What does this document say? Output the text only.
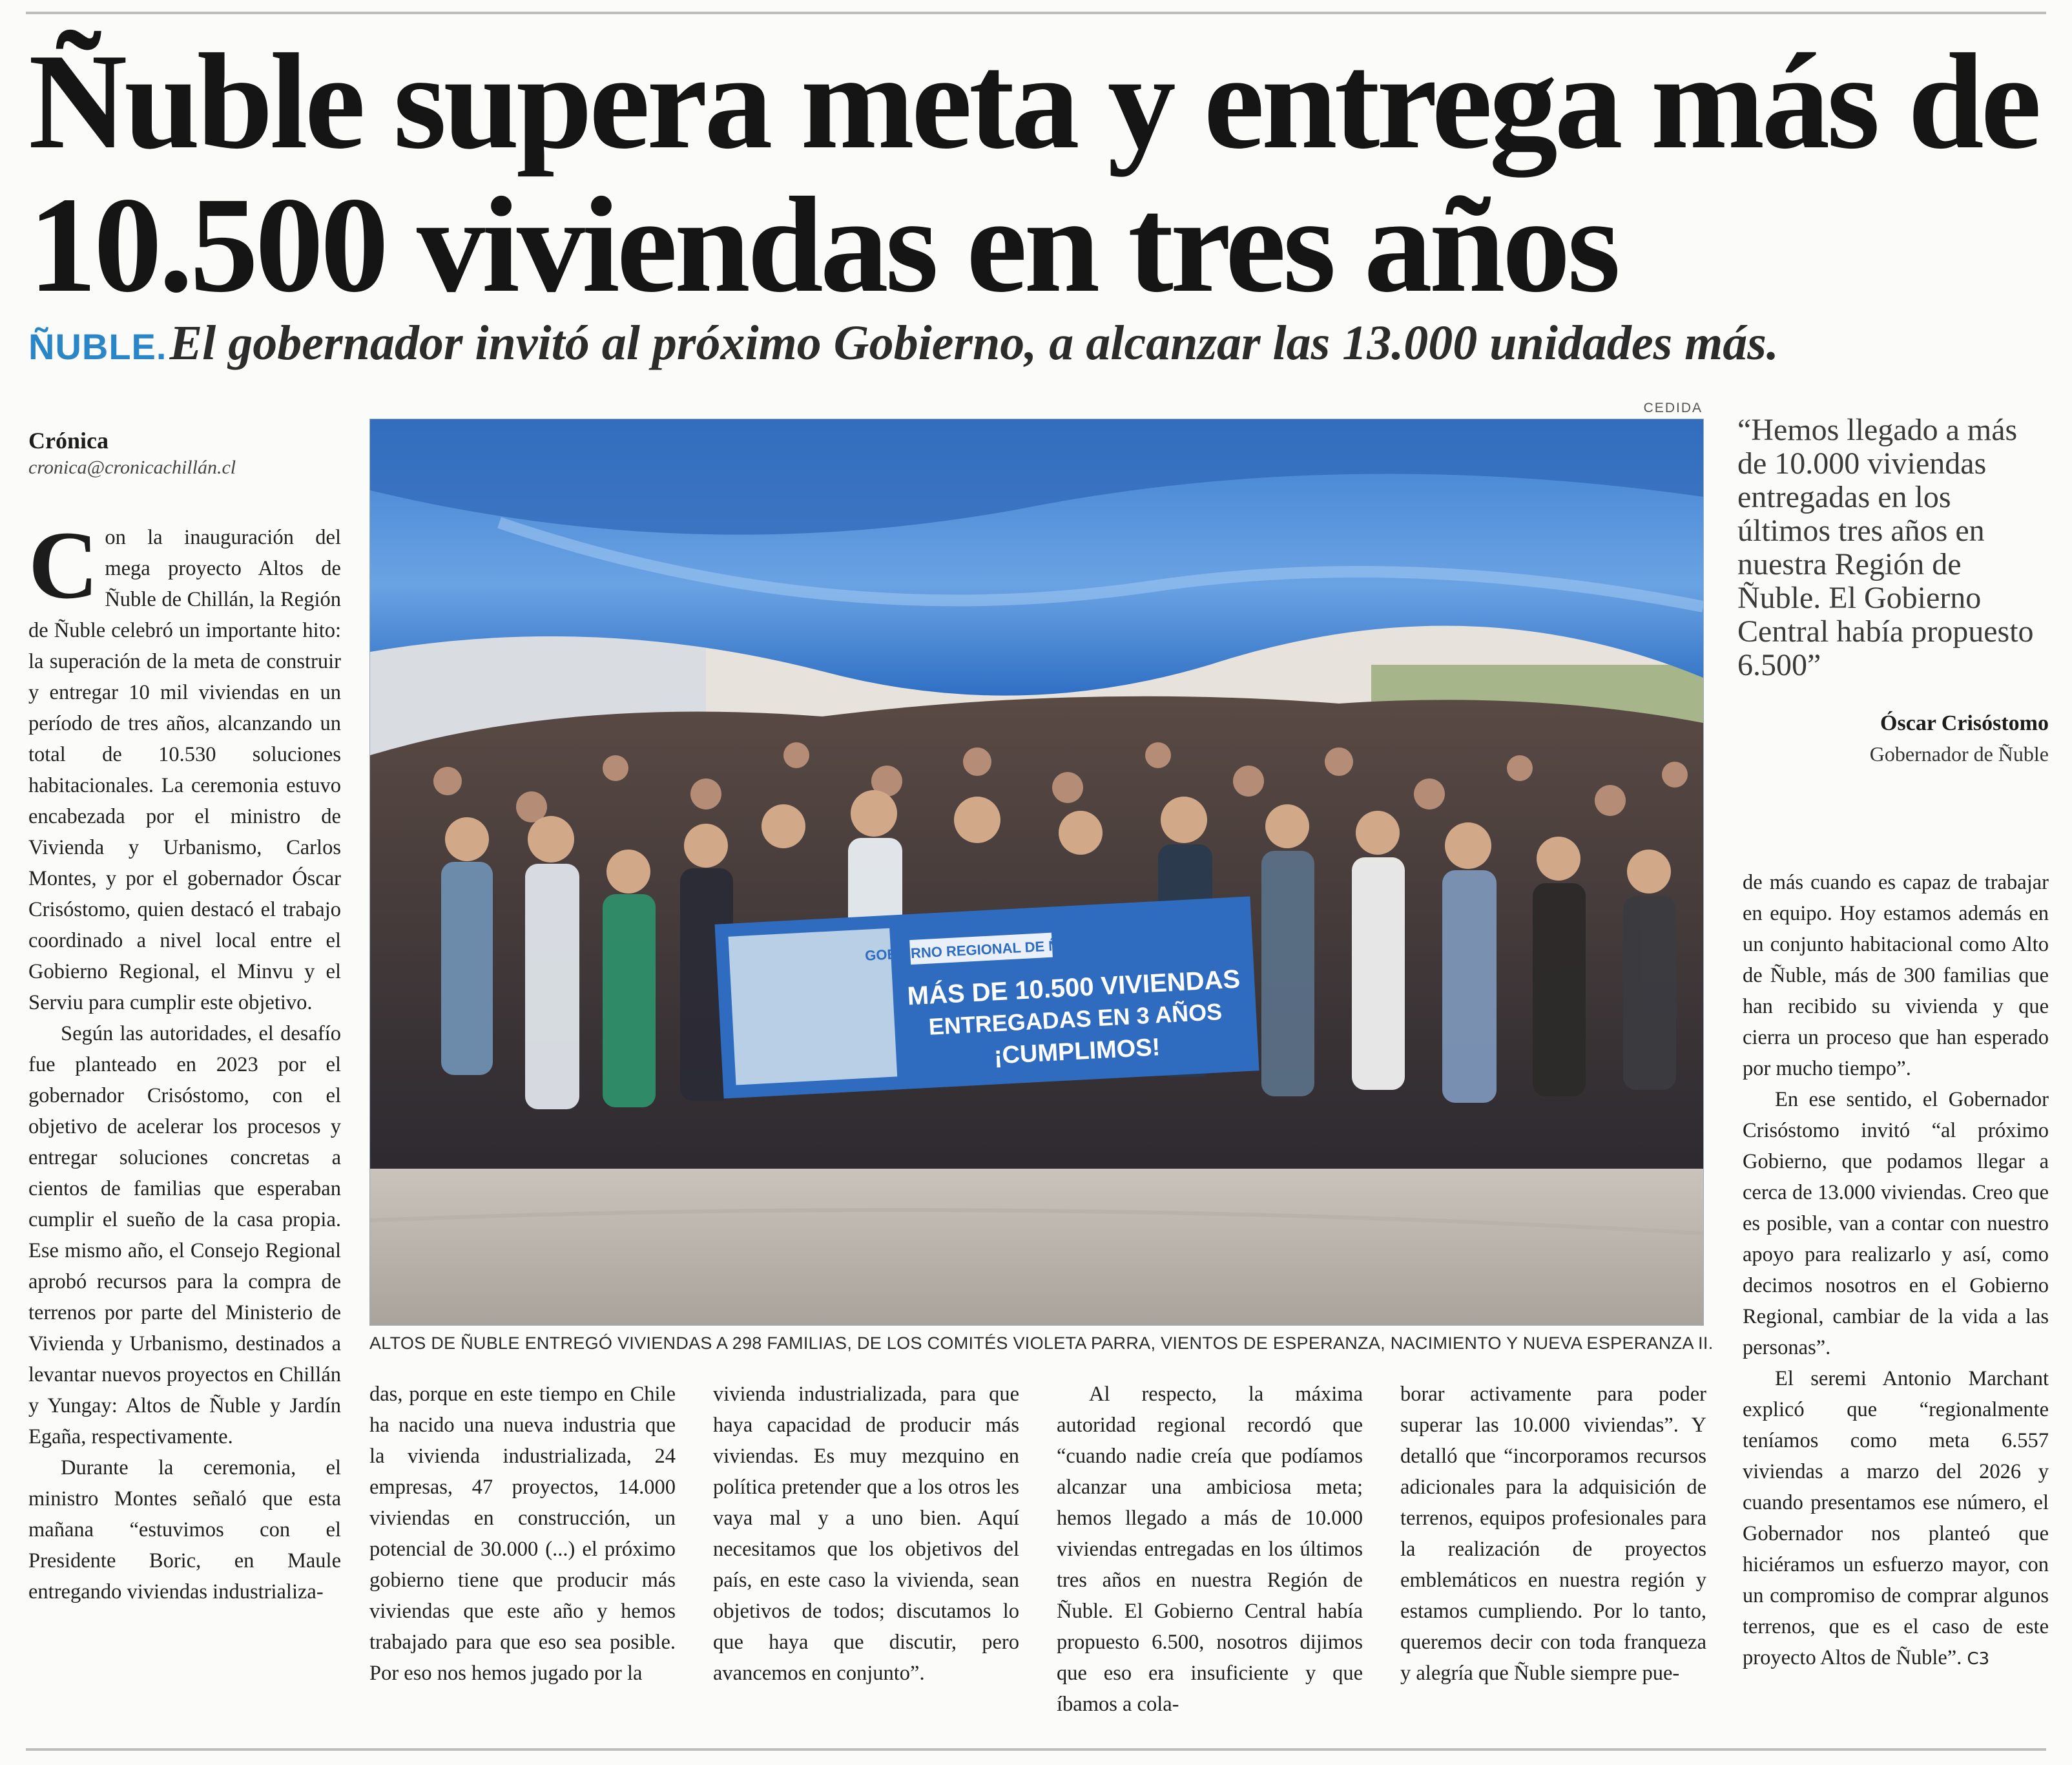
Ñuble supera meta y entrega más de 10.500 viviendas en tres años
ÑUBLE. El gobernador invitó al próximo Gobierno, a alcanzar las 13.000 unidades más.
Crónica
cronica@cronicachillán.cl

Con la inauguración del mega proyecto Altos de Ñuble de Chillán, la Región de Ñuble celebró un importante hito: la superación de la meta de construir y entregar 10 mil viviendas en un período de tres años, alcanzando un total de 10.530 soluciones habitacionales. La ceremonia estuvo encabezada por el ministro de Vivienda y Urbanismo, Carlos Montes, y por el gobernador Óscar Crisóstomo, quien destacó el trabajo coordinado a nivel local entre el Gobierno Regional, el Minvu y el Serviu para cumplir este objetivo.

Según las autoridades, el desafío fue planteado en 2023 por el gobernador Crisóstomo, con el objetivo de acelerar los procesos y entregar soluciones concretas a cientos de familias que esperaban cumplir el sueño de la casa propia. Ese mismo año, el Consejo Regional aprobó recursos para la compra de terrenos por parte del Ministerio de Vivienda y Urbanismo, destinados a levantar nuevos proyectos en Chillán y Yungay: Altos de Ñuble y Jardín Egaña, respectivamente.

Durante la ceremonia, el ministro Montes señaló que esta mañana “estuvimos con el Presidente Boric, en Maule entregando viviendas industrializa-

CEDIDA
GOBIERNO REGIONAL DE ÑUBLE
MÁS DE 10.500 VIVIENDAS
ENTREGADAS EN 3 AÑOS
¡CUMPLIMOS!
ALTOS DE ÑUBLE ENTREGÓ VIVIENDAS A 298 FAMILIAS, DE LOS COMITÉS VIOLETA PARRA, VIENTOS DE ESPERANZA, NACIMIENTO Y NUEVA ESPERANZA II.
“Hemos llegado a más de 10.000 viviendas entregadas en los últimos tres años en nuestra Región de Ñuble. El Gobierno Central había propuesto 6.500”
Óscar Crisóstomo
Gobernador de Ñuble

das, porque en este tiempo en Chile ha nacido una nueva industria que la vivienda industrializada, 24 empresas, 47 proyectos, 14.000 viviendas en construcción, un potencial de 30.000 (...) el próximo gobierno tiene que producir más viviendas que este año y hemos trabajado para que eso sea posible. Por eso nos hemos jugado por la

vivienda industrializada, para que haya capacidad de producir más viviendas. Es muy mezquino en política pretender que a los otros les vaya mal y a uno bien. Aquí necesitamos que los objetivos del país, en este caso la vivienda, sean objetivos de todos; discutamos lo que haya que discutir, pero avancemos en conjunto”.

Al respecto, la máxima autoridad regional recordó que “cuando nadie creía que podíamos alcanzar una ambiciosa meta; hemos llegado a más de 10.000 viviendas entregadas en los últimos tres años en nuestra Región de Ñuble. El Gobierno Central había propuesto 6.500, nosotros dijimos que eso era insuficiente y que íbamos a cola-

borar activamente para poder superar las 10.000 viviendas”. Y detalló que “incorporamos recursos adicionales para la adquisición de terrenos, equipos profesionales para la realización de proyectos emblemáticos en nuestra región y estamos cumpliendo. Por lo tanto, queremos decir con toda franqueza y alegría que Ñuble siempre pue-

de más cuando es capaz de trabajar en equipo. Hoy estamos además en un conjunto habitacional como Alto de Ñuble, más de 300 familias que han recibido su vivienda y que cierra un proceso que han esperado por mucho tiempo”.

En ese sentido, el Gobernador Crisóstomo invitó “al próximo Gobierno, que podamos llegar a cerca de 13.000 viviendas. Creo que es posible, van a contar con nuestro apoyo para realizarlo y así, como decimos nosotros en el Gobierno Regional, cambiar de la vida a las personas”.

El seremi Antonio Marchant explicó que “regionalmente teníamos como meta 6.557 viviendas a marzo del 2026 y cuando presentamos ese número, el Gobernador nos planteó que hiciéramos un esfuerzo mayor, con un compromiso de comprar algunos terrenos, que es el caso de este proyecto Altos de Ñuble”. C3
